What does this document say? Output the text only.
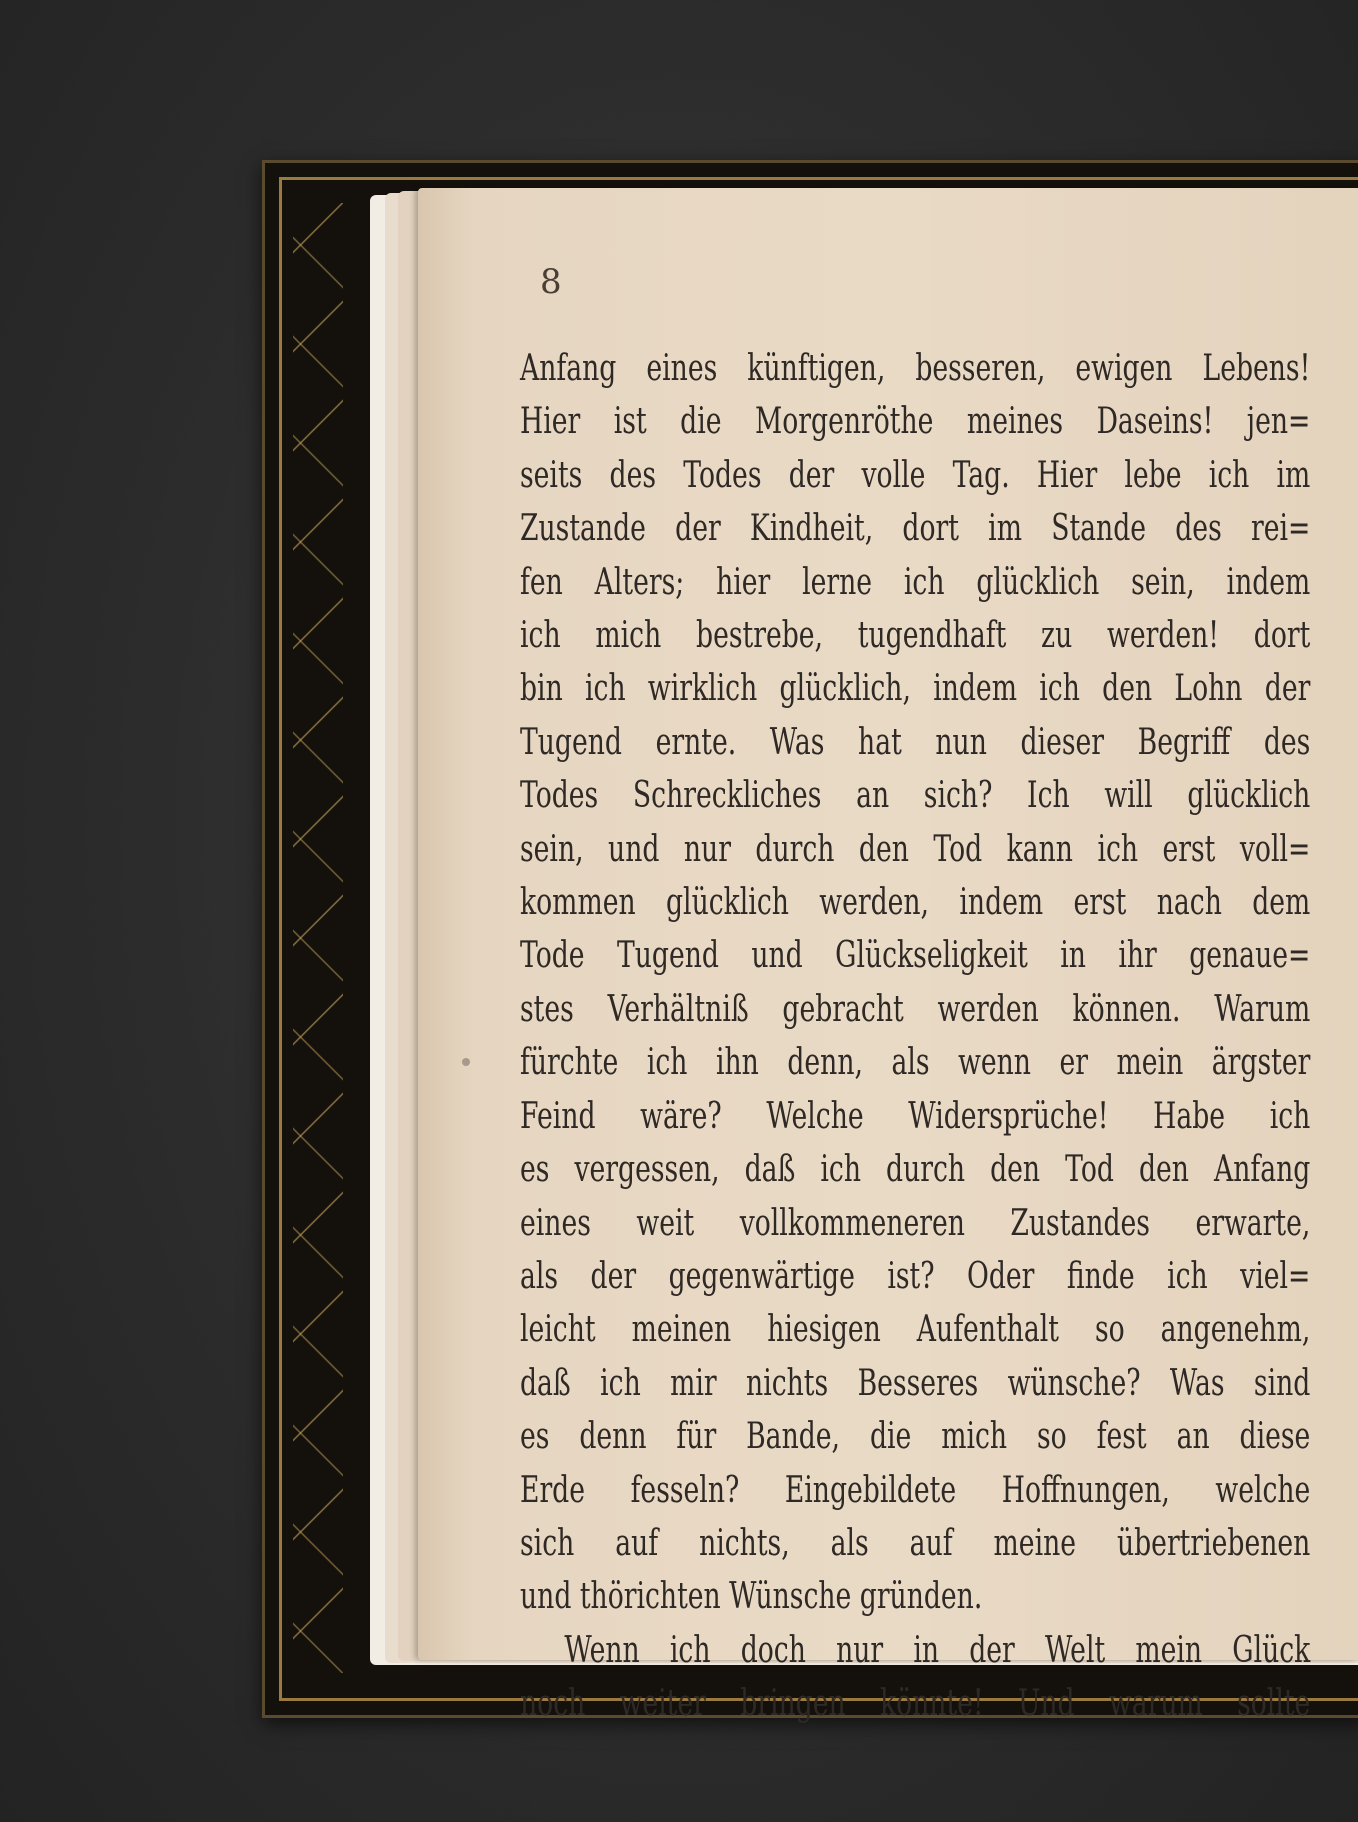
8

Anfang eines künftigen, besseren, ewigen Lebens!
Hier ist die Morgenröthe meines Daseins! jen=
seits des Todes der volle Tag. Hier lebe ich im
Zustande der Kindheit, dort im Stande des rei=
fen Alters; hier lerne ich glücklich sein, indem
ich mich bestrebe, tugendhaft zu werden! dort
bin ich wirklich glücklich, indem ich den Lohn der
Tugend ernte. Was hat nun dieser Begriff des
Todes Schreckliches an sich? Ich will glücklich
sein, und nur durch den Tod kann ich erst voll=
kommen glücklich werden, indem erst nach dem
Tode Tugend und Glückseligkeit in ihr genaue=
stes Verhältniß gebracht werden können. Warum
fürchte ich ihn denn, als wenn er mein ärgster
Feind wäre? Welche Widersprüche! Habe ich
es vergessen, daß ich durch den Tod den Anfang
eines weit vollkommeneren Zustandes erwarte,
als der gegenwärtige ist? Oder finde ich viel=
leicht meinen hiesigen Aufenthalt so angenehm,
daß ich mir nichts Besseres wünsche? Was sind
es denn für Bande, die mich so fest an diese
Erde fesseln? Eingebildete Hoffnungen, welche
sich auf nichts, als auf meine übertriebenen
und thörichten Wünsche gründen.
Wenn ich doch nur in der Welt mein Glück
noch weiter bringen könnte! Und warum sollte
